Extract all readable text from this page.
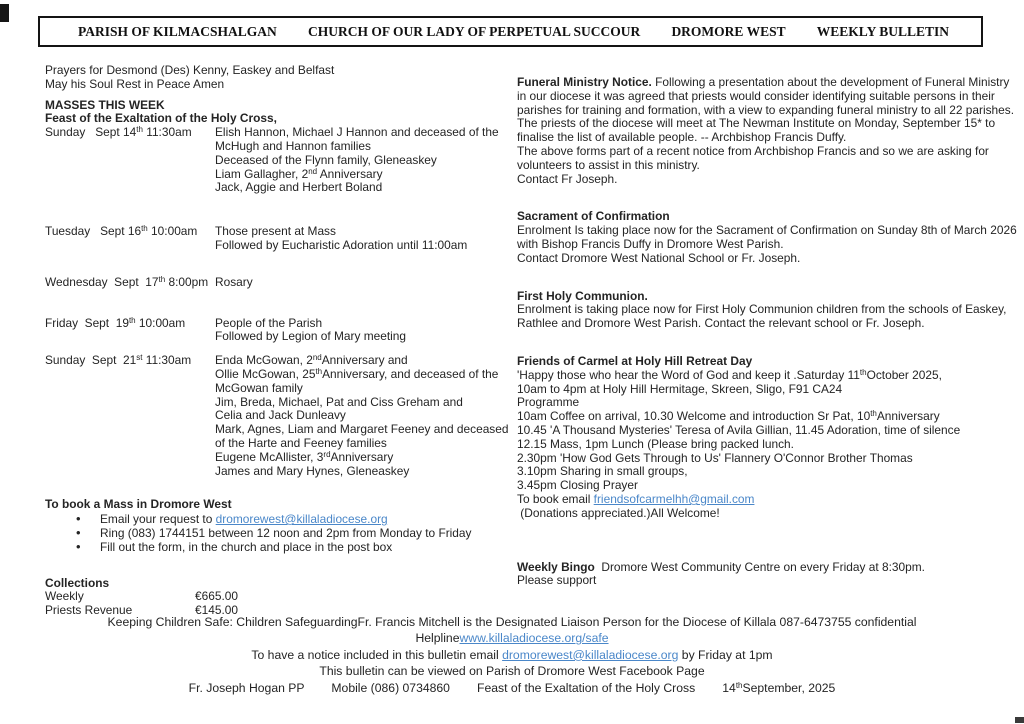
PARISH OF KILMACSHALGAN CHURCH OF OUR LADY OF PERPETUAL SUCCOUR DROMORE WEST WEEKLY BULLETIN
Prayers for Desmond (Des) Kenny, Easkey and Belfast
May his Soul Rest in Peace Amen
MASSES THIS WEEK
Feast of the Exaltation of the Holy Cross,
Sunday   Sept 14th 11:30am	Elish Hannon, Michael J Hannon and deceased of the
McHugh and Hannon families
Deceased of the Flynn family, Gleneaskey
Liam Gallagher, 2nd Anniversary
Jack, Aggie and Herbert Boland
Tuesday   Sept 16th 10:00am	Those present at Mass
Followed by Eucharistic Adoration until 11:00am
Wednesday  Sept  17th 8:00pm Rosary
Friday  Sept  19th 10:00am	People of the Parish
Followed by Legion of Mary meeting
Sunday  Sept  21st 11:30am	Enda McGowan, 2ndAnniversary and
Ollie McGowan, 25thAnniversary, and deceased of the
McGowan family
Jim, Breda, Michael, Pat and Ciss Greham and
Celia and Jack Dunleavy
Mark, Agnes, Liam and Margaret Feeney and deceased
of the Harte and Feeney families
Eugene McAllister, 3rdAnniversary
James and Mary Hynes, Gleneaskey
To book a Mass in Dromore West
• Email your request to dromorewest@killaladiocese.org
• Ring (083) 1744151 between 12 noon and 2pm from Monday to Friday
• Fill out the form, in the church and place in the post box
Collections
Weekly	€665.00
Priests Revenue	€145.00
Funeral Ministry Notice. Following a presentation about the development of Funeral Ministry
in our diocese it was agreed that priests would consider identifying suitable persons in their
parishes for training and formation, with a view to expanding funeral ministry to all 22 parishes.
The priests of the diocese will meet at The Newman Institute on Monday, September 15* to
finalise the list of available people. -- Archbishop Francis Duffy.
The above forms part of a recent notice from Archbishop Francis and so we are asking for
volunteers to assist in this ministry.
Contact Fr Joseph.
Sacrament of Confirmation
Enrolment Is taking place now for the Sacrament of Confirmation on Sunday 8th of March 2026
with Bishop Francis Duffy in Dromore West Parish.
Contact Dromore West National School or Fr. Joseph.
First Holy Communion.
Enrolment is taking place now for First Holy Communion children from the schools of Easkey,
Rathlee and Dromore West Parish. Contact the relevant school or Fr. Joseph.
Friends of Carmel at Holy Hill Retreat Day
'Happy those who hear the Word of God and keep it .Saturday 11thOctober 2025,
10am to 4pm at Holy Hill Hermitage, Skreen, Sligo, F91 CA24
Programme
10am Coffee on arrival, 10.30 Welcome and introduction Sr Pat, 10thAnniversary
10.45 'A Thousand Mysteries' Teresa of Avila Gillian, 11.45 Adoration, time of silence
12.15 Mass, 1pm Lunch (Please bring packed lunch.
2.30pm 'How God Gets Through to Us' Flannery O'Connor Brother Thomas
3.10pm Sharing in small groups,
3.45pm Closing Prayer
To book email friendsofcarmelhh@gmail.com
(Donations appreciated.)All Welcome!
Weekly Bingo  Dromore West Community Centre on every Friday at 8:30pm.
Please support
Keeping Children Safe: Children SafeguardingFr. Francis Mitchell is the Designated Liaison Person for the Diocese of Killala 087-6473755 confidential
Helplinewww.killaladiocese.org/safe
To have a notice included in this bulletin email dromorewest@killaladiocese.org by Friday at 1pm
This bulletin can be viewed on Parish of Dromore West Facebook Page
Fr. Joseph Hogan PP        Mobile (086) 0734860        Feast of the Exaltation of the Holy Cross        14thSeptember, 2025
